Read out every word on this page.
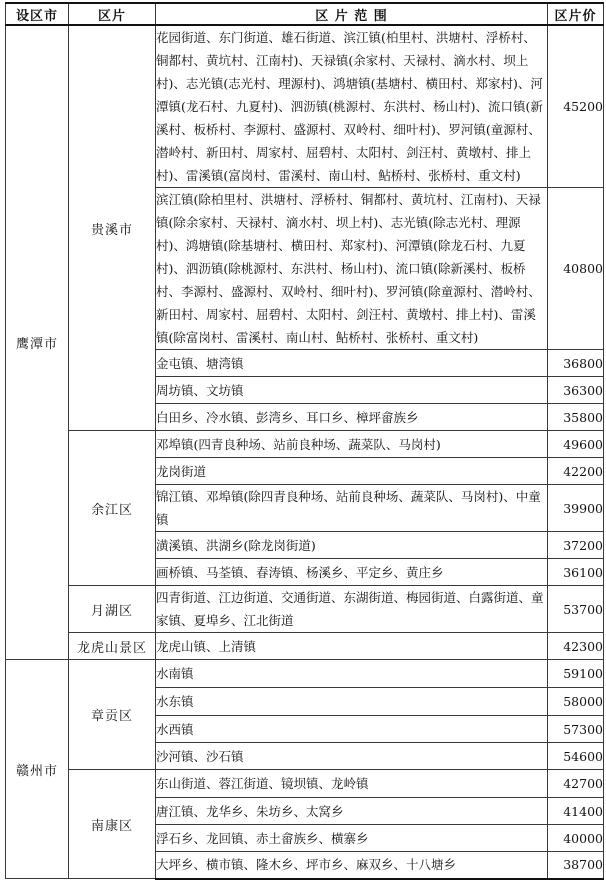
设区市	区片	区 片 范 围	区片价
鹰潭市	贵溪市	花园街道、东门街道、雄石街道、滨江镇(柏里村、洪塘村、浮桥村、铜都村、黄坑村、江南村)、天禄镇(余家村、天禄村、滴水村、坝上村)、志光镇(志光村、理源村)、鸿塘镇(基塘村、横田村、郑家村)、河潭镇(龙石村、九夏村)、泗沥镇(桃源村、东洪村、杨山村)、流口镇(新溪村、板桥村、李源村、盛源村、双岭村、细叶村)、罗河镇(童源村、潜岭村、新田村、周家村、屈碧村、太阳村、剑汪村、黄墩村、排上村)、雷溪镇(富岗村、雷溪村、南山村、鲇桥村、张桥村、重文村)	45200
		滨江镇(除柏里村、洪塘村、浮桥村、铜都村、黄坑村、江南村)、天禄镇(除余家村、天禄村、滴水村、坝上村)、志光镇(除志光村、理源村)、鸿塘镇(除基塘村、横田村、郑家村)、河潭镇(除龙石村、九夏村)、泗沥镇(除桃源村、东洪村、杨山村)、流口镇(除新溪村、板桥村、李源村、盛源村、双岭村、细叶村)、罗河镇(除童源村、潜岭村、新田村、周家村、屈碧村、太阳村、剑汪村、黄墩村、排上村)、雷溪镇(除富岗村、雷溪村、南山村、鲇桥村、张桥村、重文村)	40800
		金屯镇、塘湾镇	36800
		周坊镇、文坊镇	36300
		白田乡、冷水镇、彭湾乡、耳口乡、樟坪畲族乡	35800
	余江区	邓埠镇(四青良种场、站前良种场、蔬菜队、马岗村)	49600
		龙岗街道	42200
		锦江镇、邓埠镇(除四青良种场、站前良种场、蔬菜队、马岗村)、中童镇	39900
		潢溪镇、洪湖乡(除龙岗街道)	37200
		画桥镇、马荃镇、春涛镇、杨溪乡、平定乡、黄庄乡	36100
	月湖区	四青街道、江边街道、交通街道、东湖街道、梅园街道、白露街道、童家镇、夏埠乡、江北街道	53700
	龙虎山景区	龙虎山镇、上清镇	42300
赣州市	章贡区	水南镇	59100
		水东镇	58000
		水西镇	57300
		沙河镇、沙石镇	54600
	南康区	东山街道、蓉江街道、镜坝镇、龙岭镇	42700
		唐江镇、龙华乡、朱坊乡、太窝乡	41400
		浮石乡、龙回镇、赤土畲族乡、横寨乡	40000
		大坪乡、横市镇、隆木乡、坪市乡、麻双乡、十八塘乡	38700
